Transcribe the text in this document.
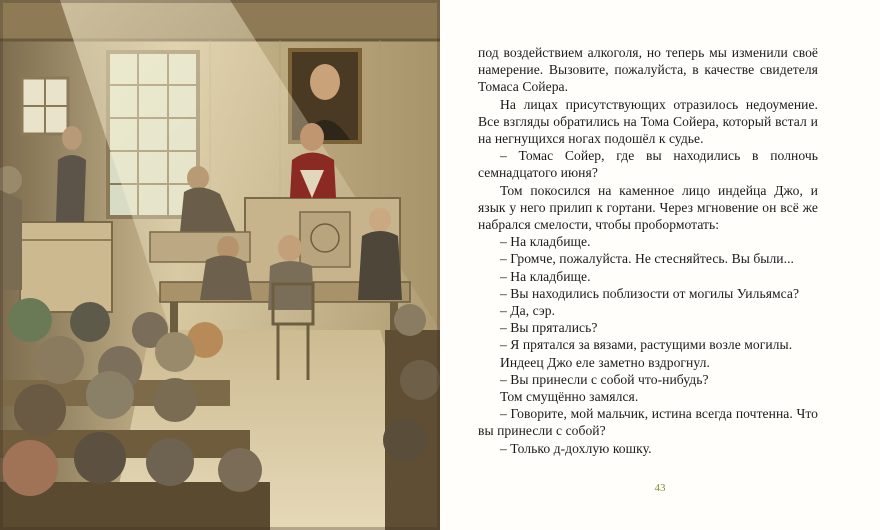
под воздействием алкоголя, но теперь мы изменили своё намерение. Вызовите, пожалуйста, в качестве свидетеля Томаса Сойера.

На лицах присутствующих отразилось недоумение. Все взгляды обратились на Тома Сойера, который встал и на негнущихся ногах подошёл к судье.

– Томас Сойер, где вы находились в полночь семнадцатого июня?

Том покосился на каменное лицо индейца Джо, и язык у него прилип к гортани. Через мгновение он всё же набрался смелости, чтобы пробормотать:

– На кладбище.

– Громче, пожалуйста. Не стесняйтесь. Вы были...

– На кладбище.

– Вы находились поблизости от могилы Уильямса?

– Да, сэр.

– Вы прятались?

– Я прятался за вязами, растущими возле могилы.

Индеец Джо еле заметно вздрогнул.

– Вы принесли с собой что-нибудь?

Том смущённо замялся.

– Говорите, мой мальчик, истина всегда почтенна. Что вы принесли с собой?

– Только д-дохлую кошку.

43
